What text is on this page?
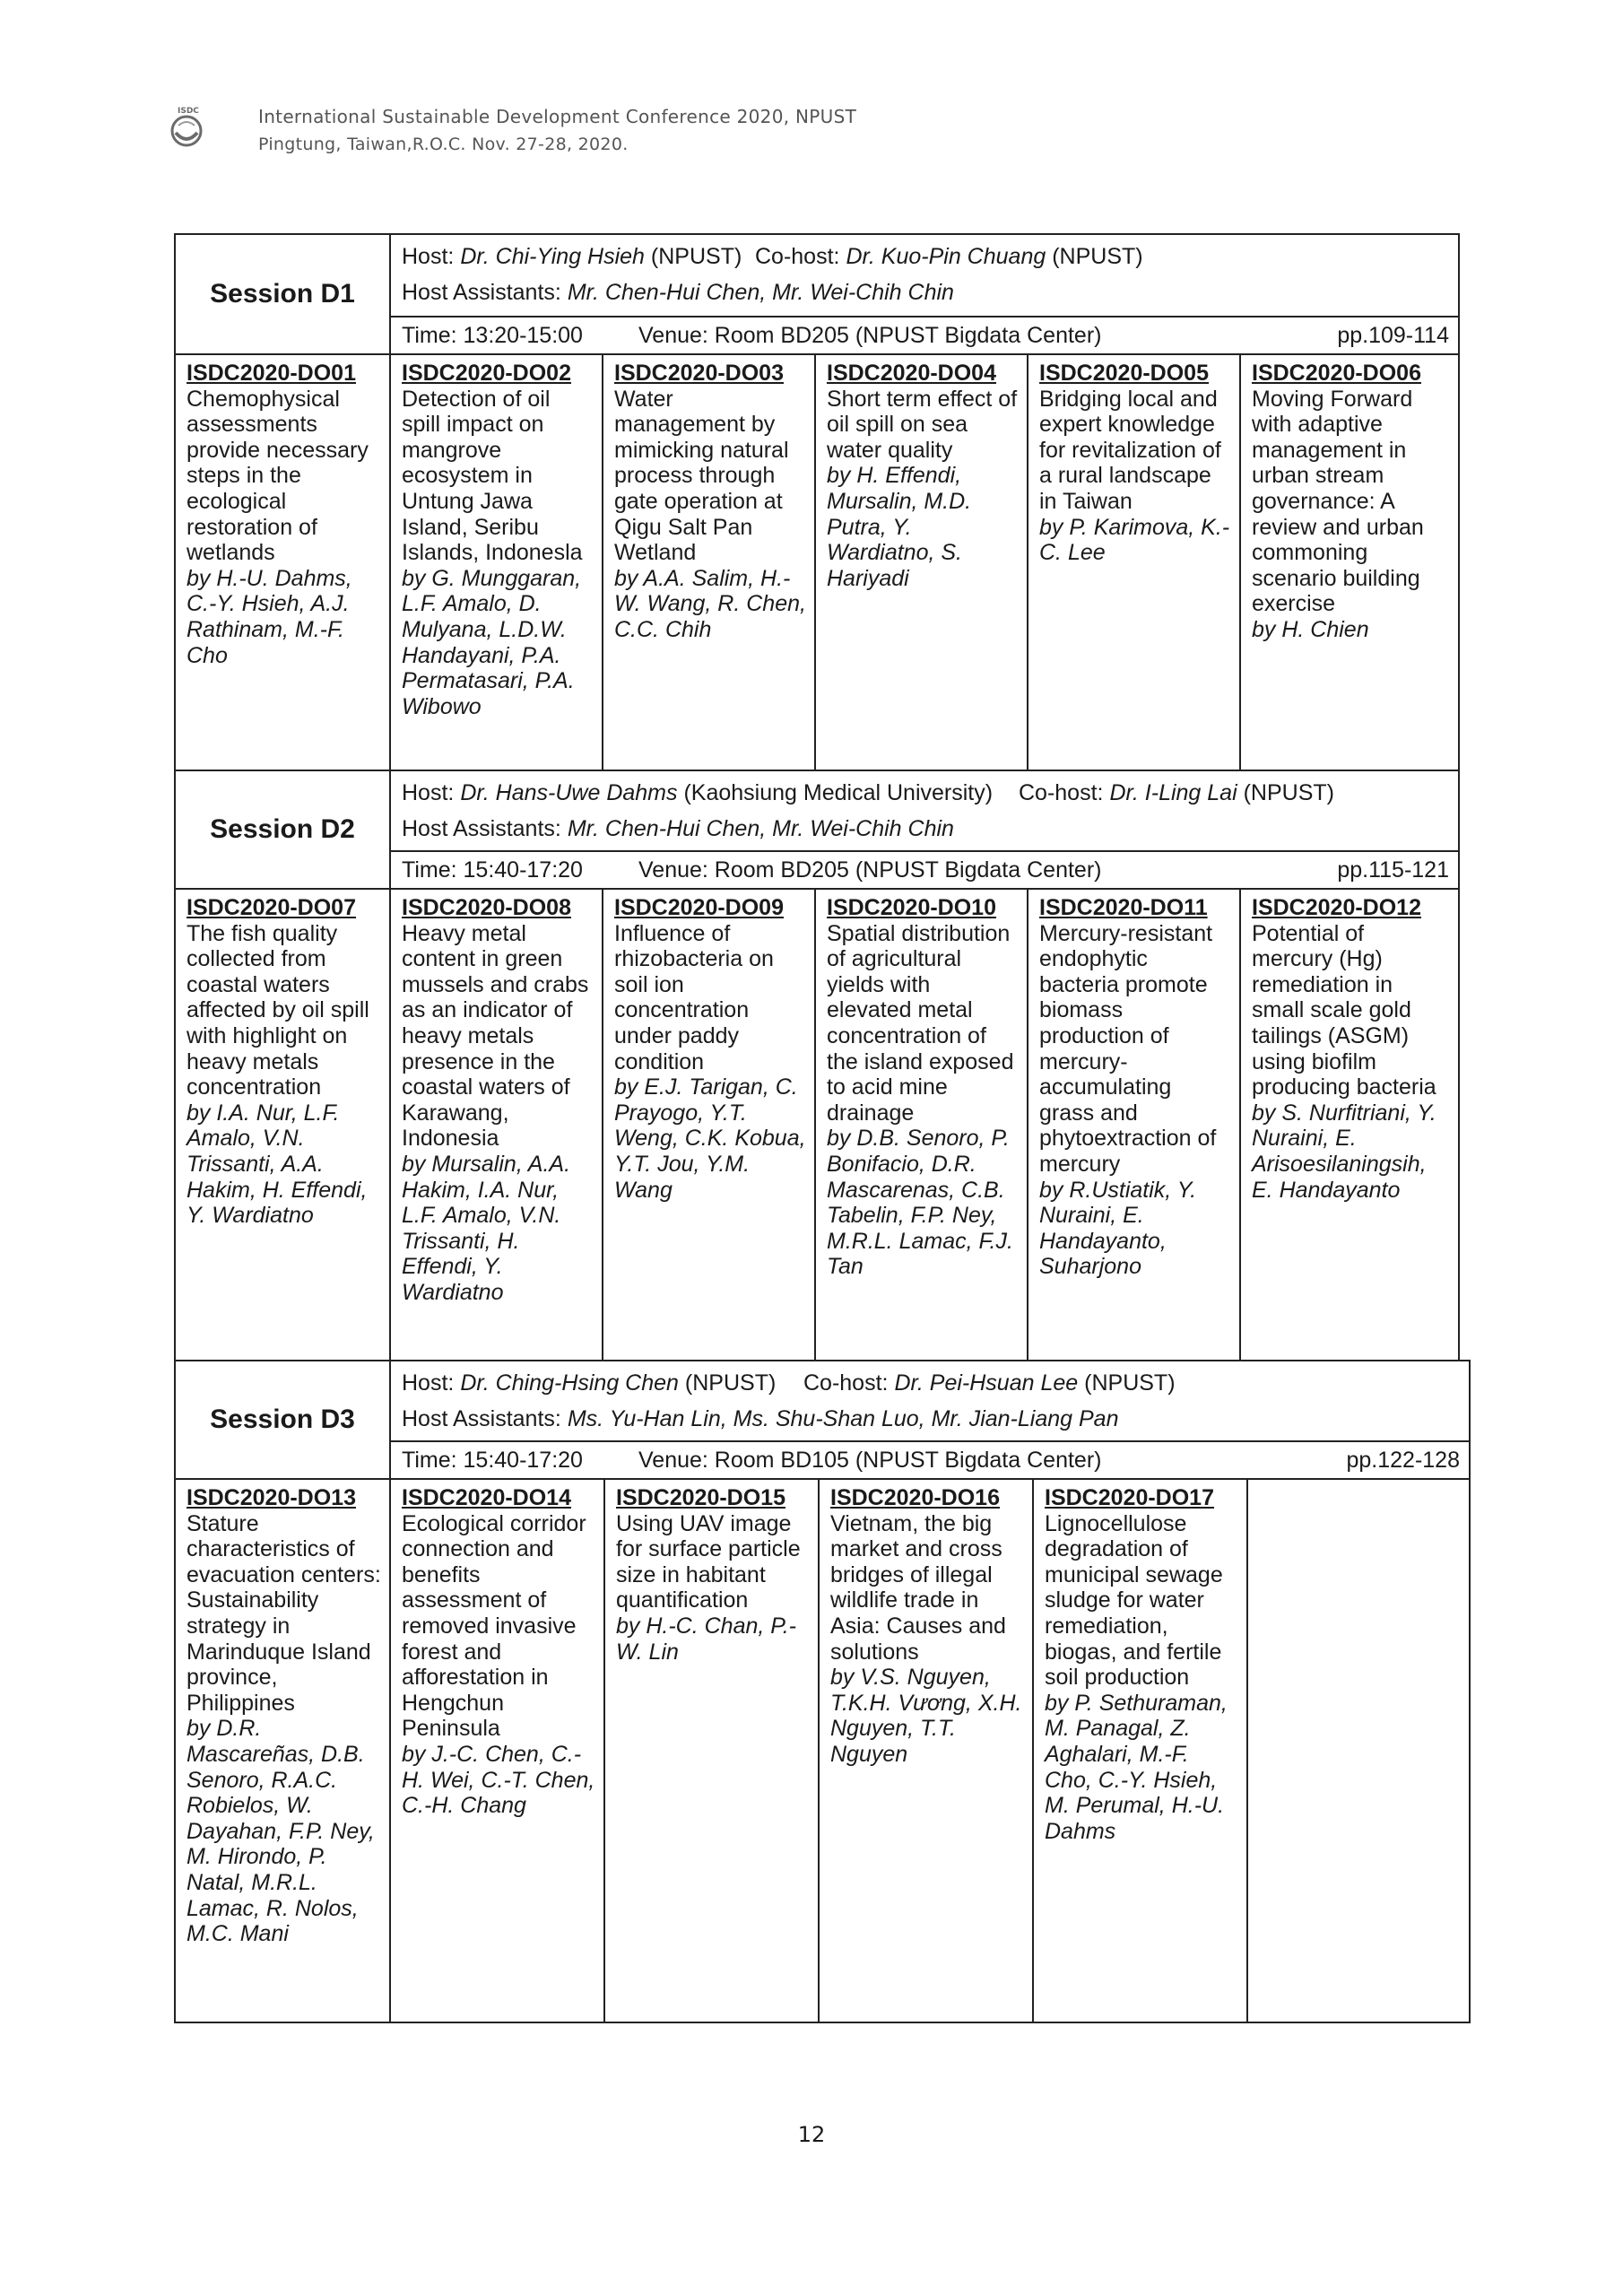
ISDC	International Sustainable Development Conference 2020, NPUST
Pingtung, Taiwan,R.O.C. Nov. 27-28, 2020.
Session D1
Host: Dr. Chi-Ying Hsieh (NPUST) Co-host: Dr. Kuo-Pin Chuang (NPUST)
Host Assistants: Mr. Chen-Hui Chen, Mr. Wei-Chih Chin
Time: 13:20-15:00 Venue: Room BD205 (NPUST Bigdata Center)	pp.109-114
ISDC2020-DO01
Chemophysical assessments provide necessary steps in the ecological restoration of wetlands
by H.-U. Dahms, C.-Y. Hsieh, A.J. Rathinam, M.-F. Cho
ISDC2020-DO02
Detection of oil spill impact on mangrove ecosystem in Untung Jawa Island, Seribu Islands, Indonesla
by G. Munggaran, L.F. Amalo, D. Mulyana, L.D.W. Handayani, P.A. Permatasari, P.A. Wibowo
ISDC2020-DO03
Water management by mimicking natural process through gate operation at Qigu Salt Pan Wetland
by A.A. Salim, H.-W. Wang, R. Chen, C.C. Chih
ISDC2020-DO04
Short term effect of oil spill on sea water quality
by H. Effendi, Mursalin, M.D. Putra, Y. Wardiatno, S. Hariyadi
ISDC2020-DO05
Bridging local and expert knowledge for revitalization of a rural landscape in Taiwan
by P. Karimova, K.-C. Lee
ISDC2020-DO06
Moving Forward with adaptive management in urban stream governance: A review and urban commoning scenario building exercise
by H. Chien
Session D2
Host: Dr. Hans-Uwe Dahms (Kaohsiung Medical University) Co-host: Dr. I-Ling Lai (NPUST)
Host Assistants: Mr. Chen-Hui Chen, Mr. Wei-Chih Chin
Time: 15:40-17:20 Venue: Room BD205 (NPUST Bigdata Center)	pp.115-121
ISDC2020-DO07
The fish quality collected from coastal waters affected by oil spill with highlight on heavy metals concentration
by I.A. Nur, L.F. Amalo, V.N. Trissanti, A.A. Hakim, H. Effendi, Y. Wardiatno
ISDC2020-DO08
Heavy metal content in green mussels and crabs as an indicator of heavy metals presence in the coastal waters of Karawang, Indonesia
by Mursalin, A.A. Hakim, I.A. Nur, L.F. Amalo, V.N. Trissanti, H. Effendi, Y. Wardiatno
ISDC2020-DO09
Influence of rhizobacteria on soil ion concentration under paddy condition
by E.J. Tarigan, C. Prayogo, Y.T. Weng, C.K. Kobua, Y.T. Jou, Y.M. Wang
ISDC2020-DO10
Spatial distribution of agricultural yields with elevated metal concentration of the island exposed to acid mine drainage
by D.B. Senoro, P. Bonifacio, D.R. Mascarenas, C.B. Tabelin, F.P. Ney, M.R.L. Lamac, F.J. Tan
ISDC2020-DO11
Mercury-resistant endophytic bacteria promote biomass production of mercury-accumulating grass and phytoextraction of mercury
by R.Ustiatik, Y. Nuraini, E. Handayanto, Suharjono
ISDC2020-DO12
Potential of mercury (Hg) remediation in small scale gold tailings (ASGM) using biofilm producing bacteria
by S. Nurfitriani, Y. Nuraini, E. Arisoesilaningsih, E. Handayanto
Session D3
Host: Dr. Ching-Hsing Chen (NPUST) Co-host: Dr. Pei-Hsuan Lee (NPUST)
Host Assistants: Ms. Yu-Han Lin, Ms. Shu-Shan Luo, Mr. Jian-Liang Pan
Time: 15:40-17:20 Venue: Room BD105 (NPUST Bigdata Center)	pp.122-128
ISDC2020-DO13
Stature characteristics of evacuation centers: Sustainability strategy in Marinduque Island province, Philippines
by D.R. Mascareñas, D.B. Senoro, R.A.C. Robielos, W. Dayahan, F.P. Ney, M. Hirondo, P. Natal, M.R.L. Lamac, R. Nolos, M.C. Mani
ISDC2020-DO14
Ecological corridor connection and benefits assessment of removed invasive forest and afforestation in Hengchun Peninsula
by J.-C. Chen, C.-H. Wei, C.-T. Chen, C.-H. Chang
ISDC2020-DO15
Using UAV image for surface particle size in habitant quantification
by H.-C. Chan, P.-W. Lin
ISDC2020-DO16
Vietnam, the big market and cross bridges of illegal wildlife trade in Asia: Causes and solutions
by V.S. Nguyen, T.K.H. Vương, X.H. Nguyen, T.T. Nguyen
ISDC2020-DO17
Lignocellulose degradation of municipal sewage sludge for water remediation, biogas, and fertile soil production
by P. Sethuraman, M. Panagal, Z. Aghalari, M.-F. Cho, C.-Y. Hsieh, M. Perumal, H.-U. Dahms
12
